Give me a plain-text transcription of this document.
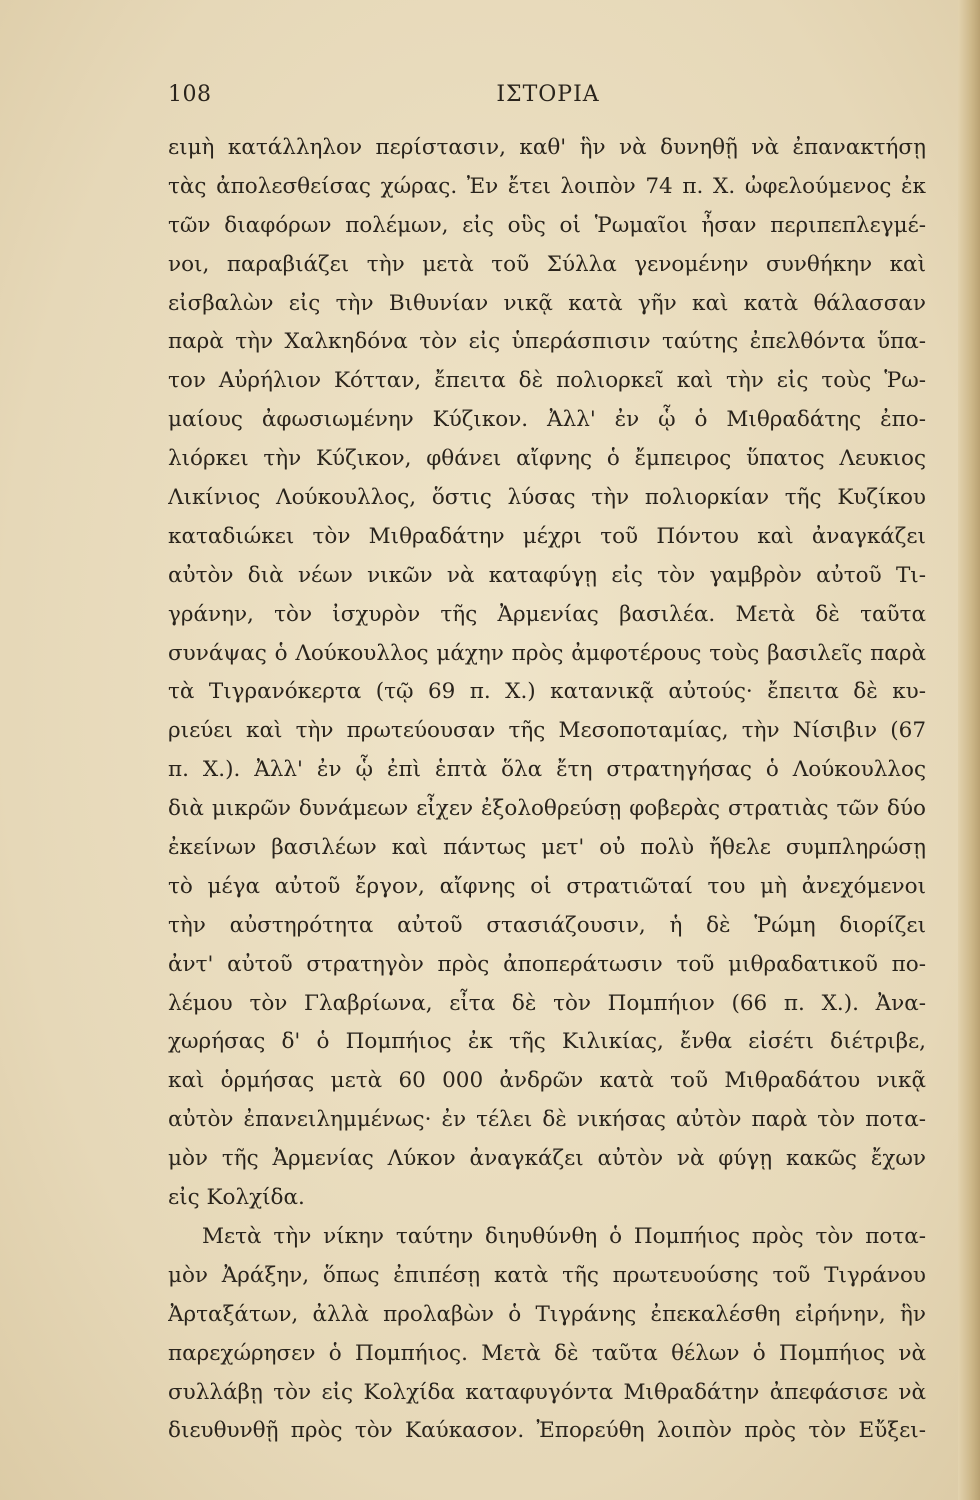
108	ΙΣΤΟΡΙΑ
ειμὴ κατάλληλον περίστασιν, καθ' ἣν νὰ δυνηθῇ νὰ ἐπανακτήσῃ
τὰς ἀπολεσθείσας χώρας. Ἐν ἔτει λοιπὸν 74 π. Χ. ὠφελούμενος ἐκ
τῶν διαφόρων πολέμων, εἰς οὓς οἱ Ῥωμαῖοι ἦσαν περιπεπλεγμέ-
νοι, παραβιάζει τὴν μετὰ τοῦ Σύλλα γενομένην συνθήκην καὶ
εἰσβαλὼν εἰς τὴν Βιθυνίαν νικᾷ κατὰ γῆν καὶ κατὰ θάλασσαν
παρὰ τὴν Χαλκηδόνα τὸν εἰς ὑπεράσπισιν ταύτης ἐπελθόντα ὕπα-
τον Αὐρήλιον Κότταν, ἔπειτα δὲ πολιορκεῖ καὶ τὴν εἰς τοὺς Ῥω-
μαίους ἀφωσιωμένην Κύζικον. Ἀλλ' ἐν ᾧ ὁ Μιθραδάτης ἐπο-
λιόρκει τὴν Κύζικον, φθάνει αἴφνης ὁ ἔμπειρος ὕπατος Λευκιος
Λικίνιος Λούκουλλος, ὅστις λύσας τὴν πολιορκίαν τῆς Κυζίκου
καταδιώκει τὸν Μιθραδάτην μέχρι τοῦ Πόντου καὶ ἀναγκάζει
αὐτὸν διὰ νέων νικῶν νὰ καταφύγῃ εἰς τὸν γαμβρὸν αὐτοῦ Τι-
γράνην, τὸν ἰσχυρὸν τῆς Ἀρμενίας βασιλέα. Μετὰ δὲ ταῦτα
συνάψας ὁ Λούκουλλος μάχην πρὸς ἀμφοτέρους τοὺς βασιλεῖς παρὰ
τὰ Τιγρανόκερτα (τῷ 69 π. Χ.) κατανικᾷ αὐτούς· ἔπειτα δὲ κυ-
ριεύει καὶ τὴν πρωτεύουσαν τῆς Μεσοποταμίας, τὴν Νίσιβιν (67
π. Χ.). Ἀλλ' ἐν ᾧ ἐπὶ ἑπτὰ ὅλα ἔτη στρατηγήσας ὁ Λούκουλλος
διὰ μικρῶν δυνάμεων εἶχεν ἐξολοθρεύσῃ φοβερὰς στρατιὰς τῶν δύο
ἐκείνων βασιλέων καὶ πάντως μετ' οὐ πολὺ ἤθελε συμπληρώσῃ
τὸ μέγα αὐτοῦ ἔργον, αἴφνης οἱ στρατιῶταί του μὴ ἀνεχόμενοι
τὴν αὐστηρότητα αὐτοῦ στασιάζουσιν, ἡ δὲ Ῥώμη διορίζει
ἀντ' αὐτοῦ στρατηγὸν πρὸς ἀποπεράτωσιν τοῦ μιθραδατικοῦ πο-
λέμου τὸν Γλαβρίωνα, εἶτα δὲ τὸν Πομπήιον (66 π. Χ.). Ἀνα-
χωρήσας δ' ὁ Πομπήιος ἐκ τῆς Κιλικίας, ἔνθα εἰσέτι διέτριβε,
καὶ ὁρμήσας μετὰ 60 000 ἀνδρῶν κατὰ τοῦ Μιθραδάτου νικᾷ
αὐτὸν ἐπανειλημμένως· ἐν τέλει δὲ νικήσας αὐτὸν παρὰ τὸν ποτα-
μὸν τῆς Ἀρμενίας Λύκον ἀναγκάζει αὐτὸν νὰ φύγῃ κακῶς ἔχων
εἰς Κολχίδα.
Μετὰ τὴν νίκην ταύτην διηυθύνθη ὁ Πομπήιος πρὸς τὸν ποτα-
μὸν Ἀράξην, ὅπως ἐπιπέσῃ κατὰ τῆς πρωτευούσης τοῦ Τιγράνου
Ἀρταξάτων, ἀλλὰ προλαβὼν ὁ Τιγράνης ἐπεκαλέσθη εἰρήνην, ἣν
παρεχώρησεν ὁ Πομπήιος. Μετὰ δὲ ταῦτα θέλων ὁ Πομπήιος νὰ
συλλάβῃ τὸν εἰς Κολχίδα καταφυγόντα Μιθραδάτην ἀπεφάσισε νὰ
διευθυνθῇ πρὸς τὸν Καύκασον. Ἐπορεύθη λοιπὸν πρὸς τὸν Εὔξει-
